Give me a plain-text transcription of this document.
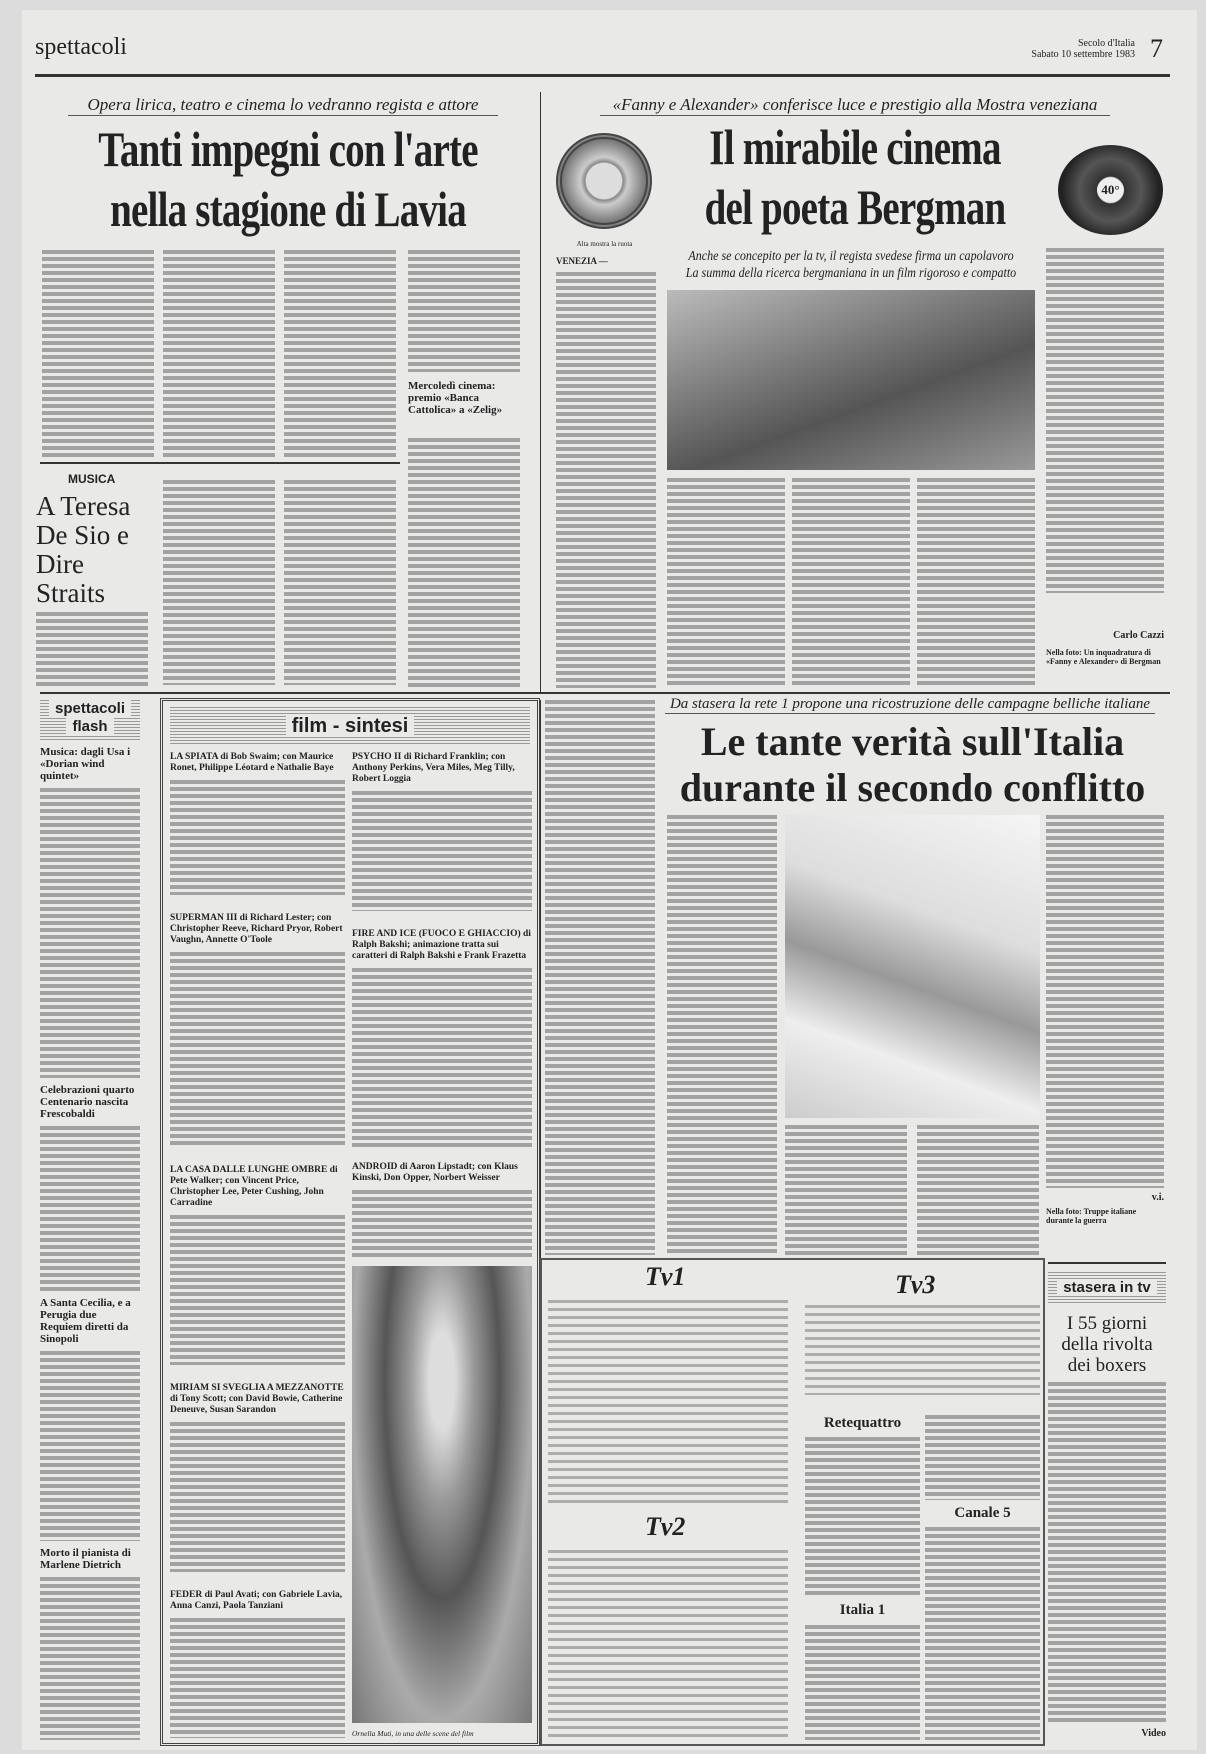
spettacoli	Secolo d'Italia
Sabato 10 settembre 1983 7
Opera lirica, teatro e cinema lo vedranno regista e attore
Tanti impegni con l'arte
nella stagione di Lavia
Mercoledì cinema: premio «Banca Cattolica» a «Zelig»
MUSICA
A Teresa De Sio e Dire Straits
«Fanny e Alexander» conferisce luce e prestigio alla Mostra veneziana
Alta mostra la ruota
Il mirabile cinema
del poeta Bergman	40°
VENEZIA —	Anche se concepito per la tv, il regista svedese firma un capolavoro
La summa della ricerca bergmaniana in un film rigoroso e compatto
Carlo Cazzi
Nella foto: Un inquadratura di «Fanny e Alexander» di Bergman
spettacoli
flash
Musica: dagli Usa i «Dorian wind quintet»
Celebrazioni quarto Centenario nascita Frescobaldi
A Santa Cecilia, e a Perugia due Requiem diretti da Sinopoli
Morto il pianista di Marlene Dietrich
film - sintesi
LA SPIATA di Bob Swaim; con Maurice Ronet, Philippe Léotard e Nathalie Baye
SUPERMAN III di Richard Lester; con Christopher Reeve, Richard Pryor, Robert Vaughn, Annette O'Toole
LA CASA DALLE LUNGHE OMBRE di Pete Walker; con Vincent Price, Christopher Lee, Peter Cushing, John Carradine
MIRIAM SI SVEGLIA A MEZZANOTTE di Tony Scott; con David Bowie, Catherine Deneuve, Susan Sarandon
FEDER di Paul Avati; con Gabriele Lavia, Anna Canzi, Paola Tanziani
PSYCHO II di Richard Franklin; con Anthony Perkins, Vera Miles, Meg Tilly, Robert Loggia
FIRE AND ICE (FUOCO E GHIACCIO) di Ralph Bakshi; animazione tratta sui caratteri di Ralph Bakshi e Frank Frazetta
ANDROID di Aaron Lipstadt; con Klaus Kinski, Don Opper, Norbert Weisser
Ornella Muti, in una delle scene del film
Da stasera la rete 1 propone una ricostruzione delle campagne belliche italiane
Le tante verità sull'Italia
durante il secondo conflitto
v.i.
Nella foto: Truppe italiane durante la guerra
Tv1	Tv3
Retequattro
Tv2
Italia 1
Canale 5
stasera in tv
I 55 giorni della rivolta dei boxers
Video
